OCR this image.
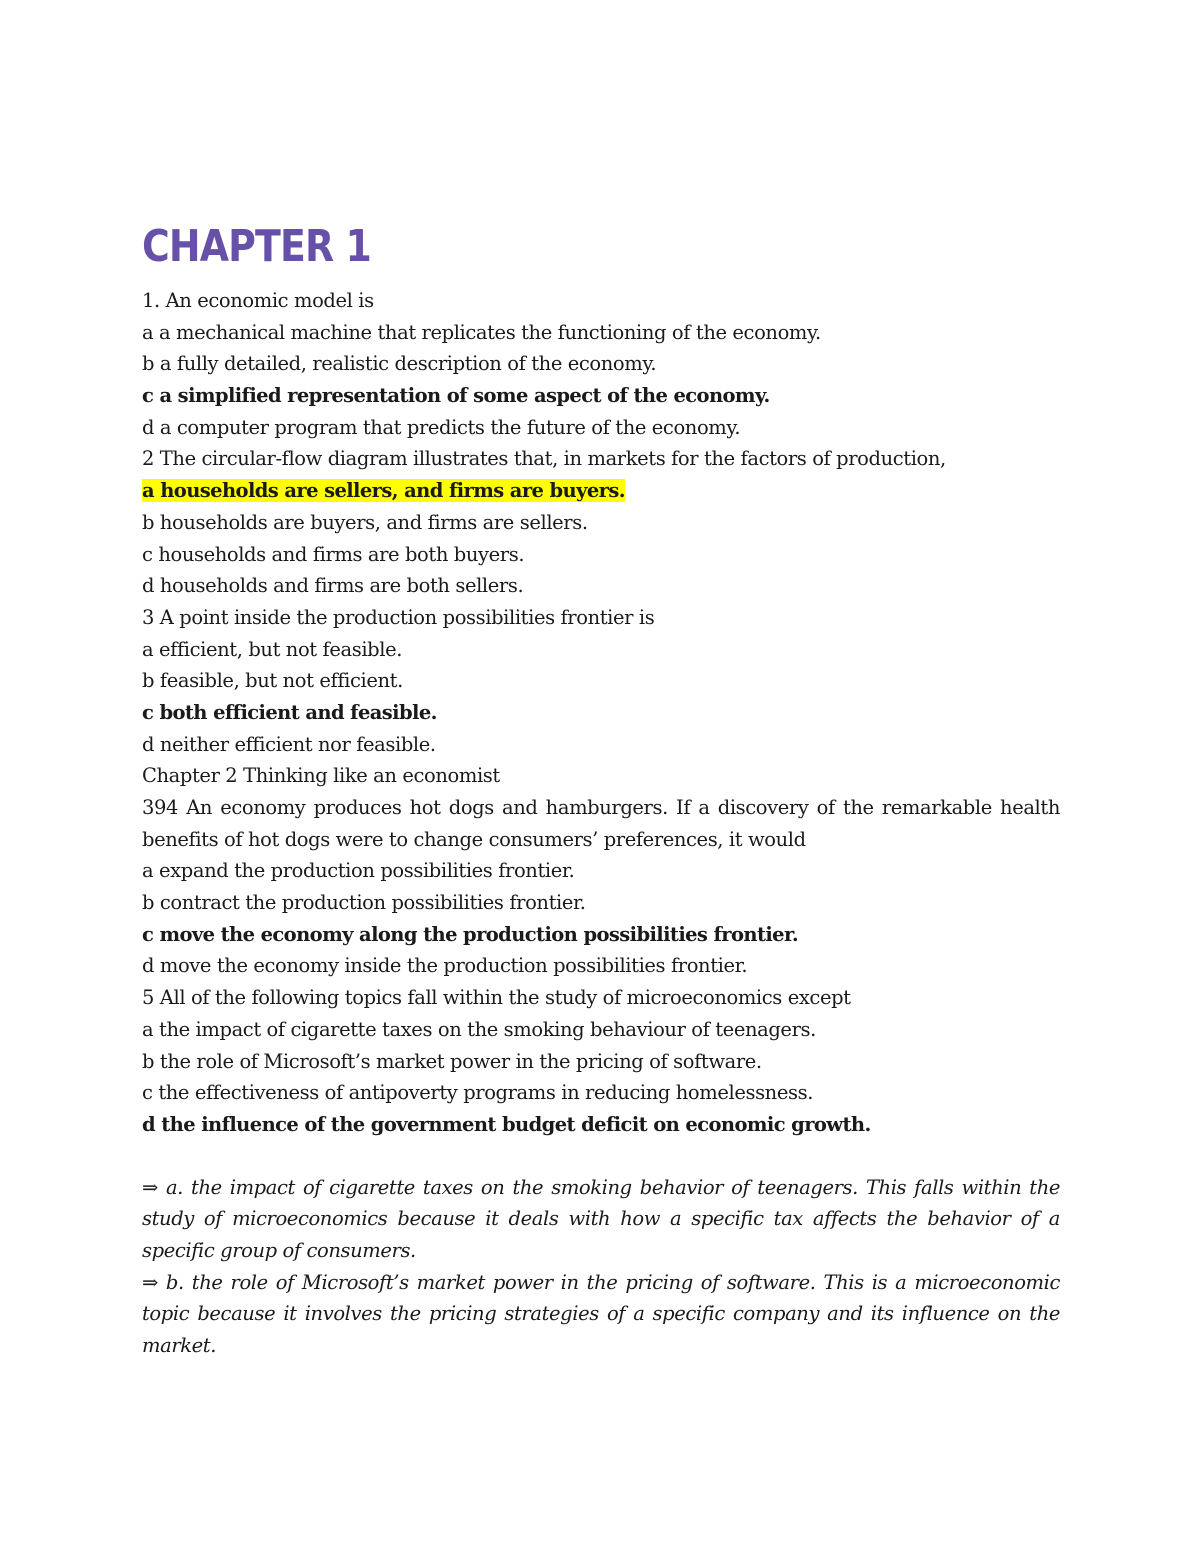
CHAPTER 1
1. An economic model is
a a mechanical machine that replicates the functioning of the economy.
b a fully detailed, realistic description of the economy.
c a simplified representation of some aspect of the economy.
d a computer program that predicts the future of the economy.
2 The circular-flow diagram illustrates that, in markets for the factors of production,
a households are sellers, and firms are buyers.
b households are buyers, and firms are sellers.
c households and firms are both buyers.
d households and firms are both sellers.
3 A point inside the production possibilities frontier is
a efficient, but not feasible.
b feasible, but not efficient.
c both efficient and feasible.
d neither efficient nor feasible.
Chapter 2 Thinking like an economist
394 An economy produces hot dogs and hamburgers. If a discovery of the remarkable health benefits of hot dogs were to change consumers’ preferences, it would
a expand the production possibilities frontier.
b contract the production possibilities frontier.
c move the economy along the production possibilities frontier.
d move the economy inside the production possibilities frontier.
5 All of the following topics fall within the study of microeconomics except
a the impact of cigarette taxes on the smoking behaviour of teenagers.
b the role of Microsoft’s market power in the pricing of software.
c the effectiveness of antipoverty programs in reducing homelessness.
d the influence of the government budget deficit on economic growth.
⇒ a. the impact of cigarette taxes on the smoking behavior of teenagers. This falls within the study of microeconomics because it deals with how a specific tax affects the behavior of a specific group of consumers.
⇒ b. the role of Microsoft’s market power in the pricing of software. This is a microeconomic topic because it involves the pricing strategies of a specific company and its influence on the market.
